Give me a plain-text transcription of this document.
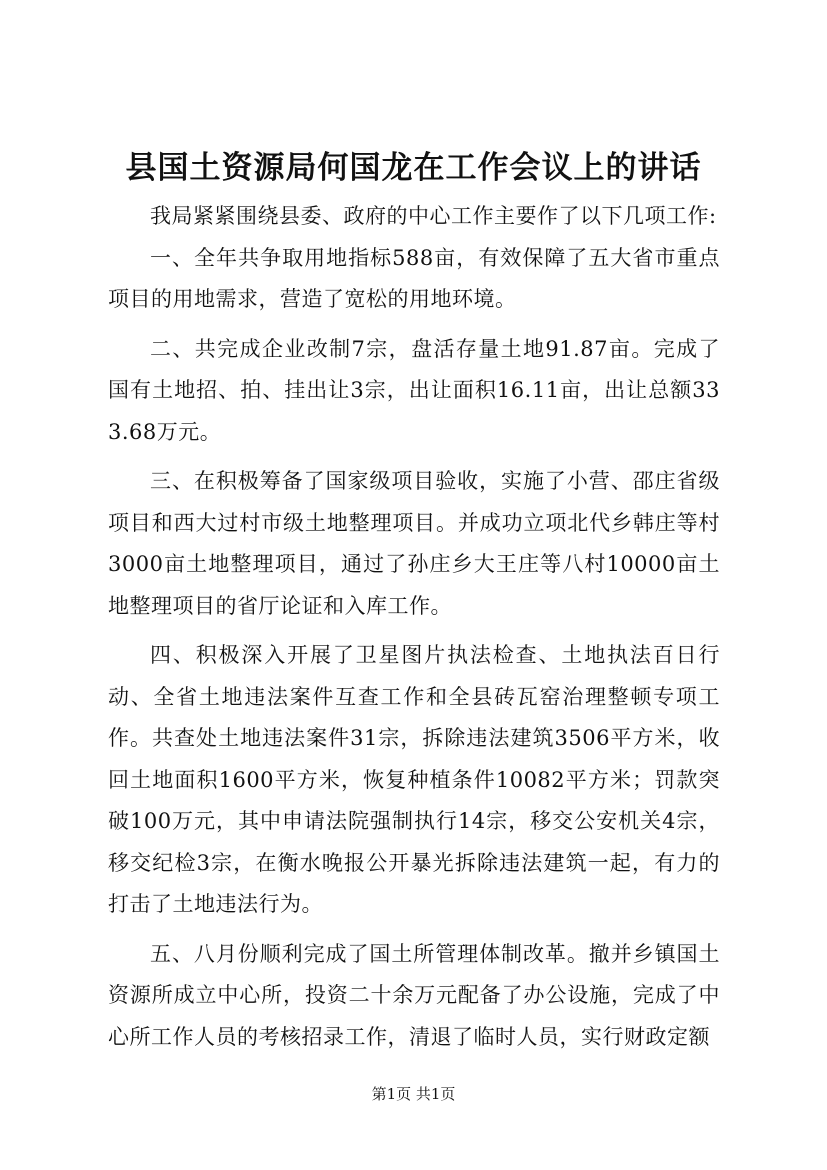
县国土资源局何国龙在工作会议上的讲话

我局紧紧围绕县委、政府的中心工作主要作了以下几项工作:

一、全年共争取用地指标588亩，有效保障了五大省市重点项目的用地需求，营造了宽松的用地环境。

二、共完成企业改制7宗，盘活存量土地91.87亩。完成了国有土地招、拍、挂出让3宗，出让面积16.11亩，出让总额333.68万元。

三、在积极筹备了国家级项目验收，实施了小营、邵庄省级项目和西大过村市级土地整理项目。并成功立项北代乡韩庄等村3000亩土地整理项目，通过了孙庄乡大王庄等八村10000亩土地整理项目的省厅论证和入库工作。

四、积极深入开展了卫星图片执法检查、土地执法百日行动、全省土地违法案件互查工作和全县砖瓦窑治理整顿专项工作。共查处土地违法案件31宗，拆除违法建筑3506平方米，收回土地面积1600平方米，恢复种植条件10082平方米；罚款突破100万元，其中申请法院强制执行14宗，移交公安机关4宗，移交纪检3宗，在衡水晚报公开暴光拆除违法建筑一起，有力的打击了土地违法行为。

五、八月份顺利完成了国土所管理体制改革。撤并乡镇国土资源所成立中心所，投资二十余万元配备了办公设施，完成了中心所工作人员的考核招录工作，清退了临时人员，实行财政定额

第1页 共1页
